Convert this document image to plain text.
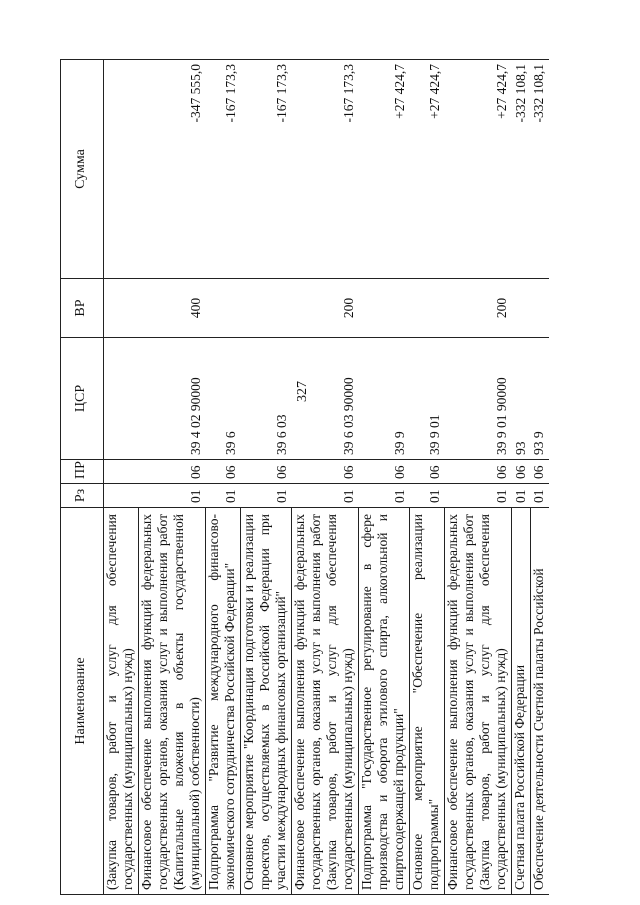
327
Наименование	Рз	ПР	ЦСР	ВР	Сумма
(Закупка товаров, работ и услуг для обеспечения государственных (муниципальных) нужд)					
Финансовое обеспечение выполнения функций федеральных государственных органов, оказания услуг и выполнения работ (Капитальные вложения в объекты государственной (муниципальной) собственности)	01	06	39 4 02 90000	400	-347 555,0
Подпрограмма "Развитие международного финансово-экономического сотрудничества Российской Федерации"	01	06	39 6		-167 173,3
Основное мероприятие "Координация подготовки и реализации проектов, осуществляемых в Российской Федерации при участии международных финансовых организаций"	01	06	39 6 03		-167 173,3
Финансовое обеспечение выполнения функций федеральных государственных органов, оказания услуг и выполнения работ (Закупка товаров, работ и услуг для обеспечения государственных (муниципальных) нужд)	01	06	39 6 03 90000	200	-167 173,3
Подпрограмма "Государственное регулирование в сфере производства и оборота этилового спирта, алкогольной и спиртосодержащей продукции"	01	06	39 9		+27 424,7
Основное мероприятие "Обеспечение реализации подпрограммы"	01	06	39 9 01		+27 424,7
Финансовое обеспечение выполнения функций федеральных государственных органов, оказания услуг и выполнения работ (Закупка товаров, работ и услуг для обеспечения государственных (муниципальных) нужд)	01	06	39 9 01 90000	200	+27 424,7
Счетная палата Российской Федерации	01	06	93		-332 108,1
Обеспечение деятельности Счетной палаты Российской	01	06	93 9		-332 108,1
